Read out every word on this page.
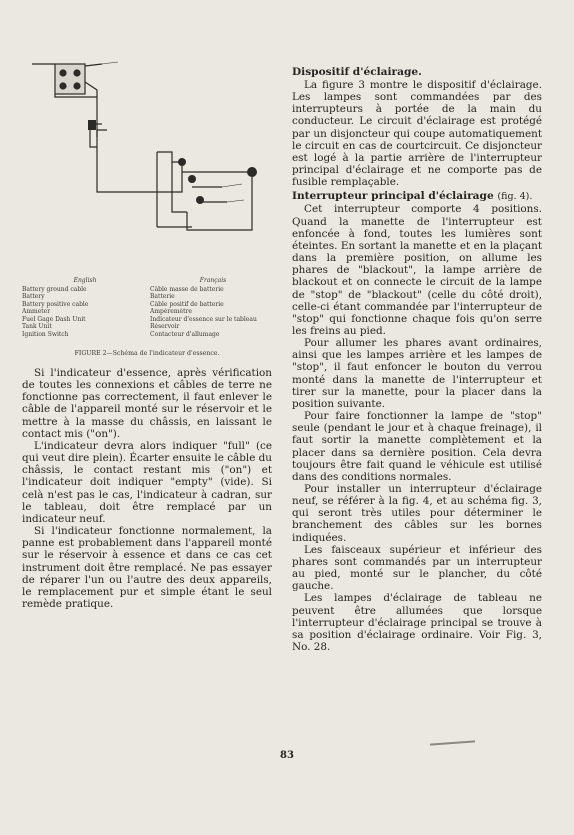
English
Battery ground cable
Battery
Battery positive cable
Ammeter
Fuel Gage Dash Unit
Tank Unit
Ignition Switch
Français
Câble masse de batterie
Batterie
Câble positif de batterie
Ampèremètre
Indicateur d'essence sur le tableau
Réservoir
Contacteur d'allumage
FIGURE 2—Schéma de l'indicateur d'essence.

Si l'indicateur d'essence, après vérification de toutes les connexions et câbles de terre ne fonctionne pas correctement, il faut enlever le câble de l'appareil monté sur le réservoir et le mettre à la masse du châssis, en laissant le contact mis ("on").

L'indicateur devra alors indiquer "full" (ce qui veut dire plein). Écarter ensuite le câble du châssis, le contact restant mis ("on") et l'indicateur doit indiquer "empty" (vide). Si celà n'est pas le cas, l'indicateur à cadran, sur le tableau, doit être remplacé par un indicateur neuf.

Si l'indicateur fonctionne normalement, la panne est probablement dans l'appareil monté sur le réservoir à essence et dans ce cas cet instrument doit être remplacé. Ne pas essayer de réparer l'un ou l'autre des deux appareils, le remplacement pur et simple étant le seul remède pratique.

Dispositif d'éclairage.

La figure 3 montre le dispositif d'éclairage. Les lampes sont commandées par des interrupteurs à portée de la main du conducteur. Le circuit d'éclairage est protégé par un disjoncteur qui coupe automatiquement le circuit en cas de courtcircuit. Ce disjoncteur est logé à la partie arrière de l'interrupteur principal d'éclairage et ne comporte pas de fusible remplaçable.

Interrupteur principal d'éclairage (fig. 4).

Cet interrupteur comporte 4 positions. Quand la manette de l'interrupteur est enfoncée à fond, toutes les lumières sont éteintes. En sortant la manette et en la plaçant dans la première position, on allume les phares de "blackout", la lampe arrière de blackout et on connecte le circuit de la lampe de "stop" de "blackout" (celle du côté droit), celle-ci étant commandée par l'interrupteur de "stop" qui fonctionne chaque fois qu'on serre les freins au pied.

Pour allumer les phares avant ordinaires, ainsi que les lampes arrière et les lampes de "stop", il faut enfoncer le bouton du verrou monté dans la manette de l'interrupteur et tirer sur la manette, pour la placer dans la position suivante.

Pour faire fonctionner la lampe de "stop" seule (pendant le jour et à chaque freinage), il faut sortir la manette complètement et la placer dans sa dernière position. Cela devra toujours être fait quand le véhicule est utilisé dans des conditions normales.

Pour installer un interrupteur d'éclairage neuf, se référer à la fig. 4, et au schéma fig. 3, qui seront très utiles pour déterminer le branchement des câbles sur les bornes indiquées.

Les faisceaux supérieur et inférieur des phares sont commandés par un interrupteur au pied, monté sur le plancher, du côté gauche.

Les lampes d'éclairage de tableau ne peuvent être allumées que lorsque l'interrupteur d'éclairage principal se trouve à sa position d'éclairage ordinaire. Voir Fig. 3, No. 28.

83
